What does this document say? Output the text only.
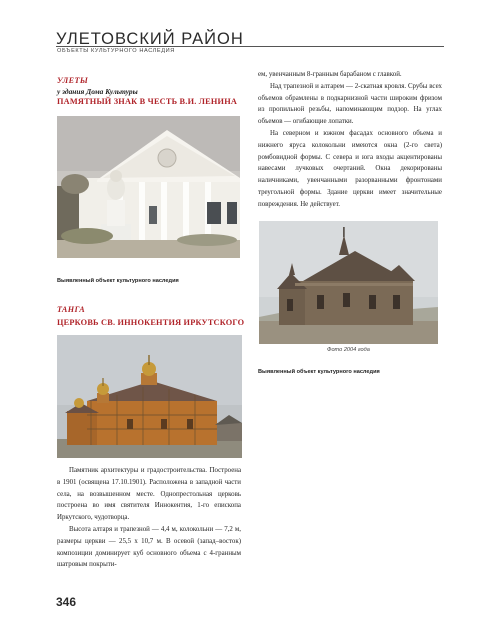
УЛЕТОВСКИЙ РАЙОН
ОБЪЕКТЫ КУЛЬТУРНОГО НАСЛЕДИЯ
УЛЕТЫ
у здания Дома Культуры
ПАМЯТНЫЙ ЗНАК В ЧЕСТЬ В.И. ЛЕНИНА
Выявленный объект культурного наследия
ТАНГА
ЦЕРКОВЬ СВ. ИННОКЕНТИЯ ИРКУТСКОГО

Памятник архитектуры и градостроительства. Построена в 1901 (освящена 17.10.1901). Расположена в западной части села, на возвышенном месте. Однопрестольная церковь построена во имя святителя Иннокентия, 1-го епископа Иркутского, чудотворца.

Высота алтаря и трапезной — 4,4 м, колокольни — 7,2 м, размеры церкви — 25,5 х 10,7 м. В осевой (запад–восток) композиции доминирует куб основного объема с 4-гранным шатровым покрыти-

ем, увенчанным 8-гранным барабаном с главкой.

Над трапезной и алтарем — 2-скатная кровля. Срубы всех объемов обрамлены в подкарнизной части широким фризом из пропильной резьбы, напоминающим подзор. На углах объемов — огибающие лопатки.

На северном и южном фасадах основного объема и нижнего яруса колокольни имеются окна (2-го света) ромбовидной формы. С севера и юга входы акцентированы навесами лучковых очертаний. Окна декорированы наличниками, увенчанными разорванными фронтонами треугольной формы. Здание церкви имеет значительные повреждения. Не действует.

Фото 2004 года
Выявленный объект культурного наследия
346
